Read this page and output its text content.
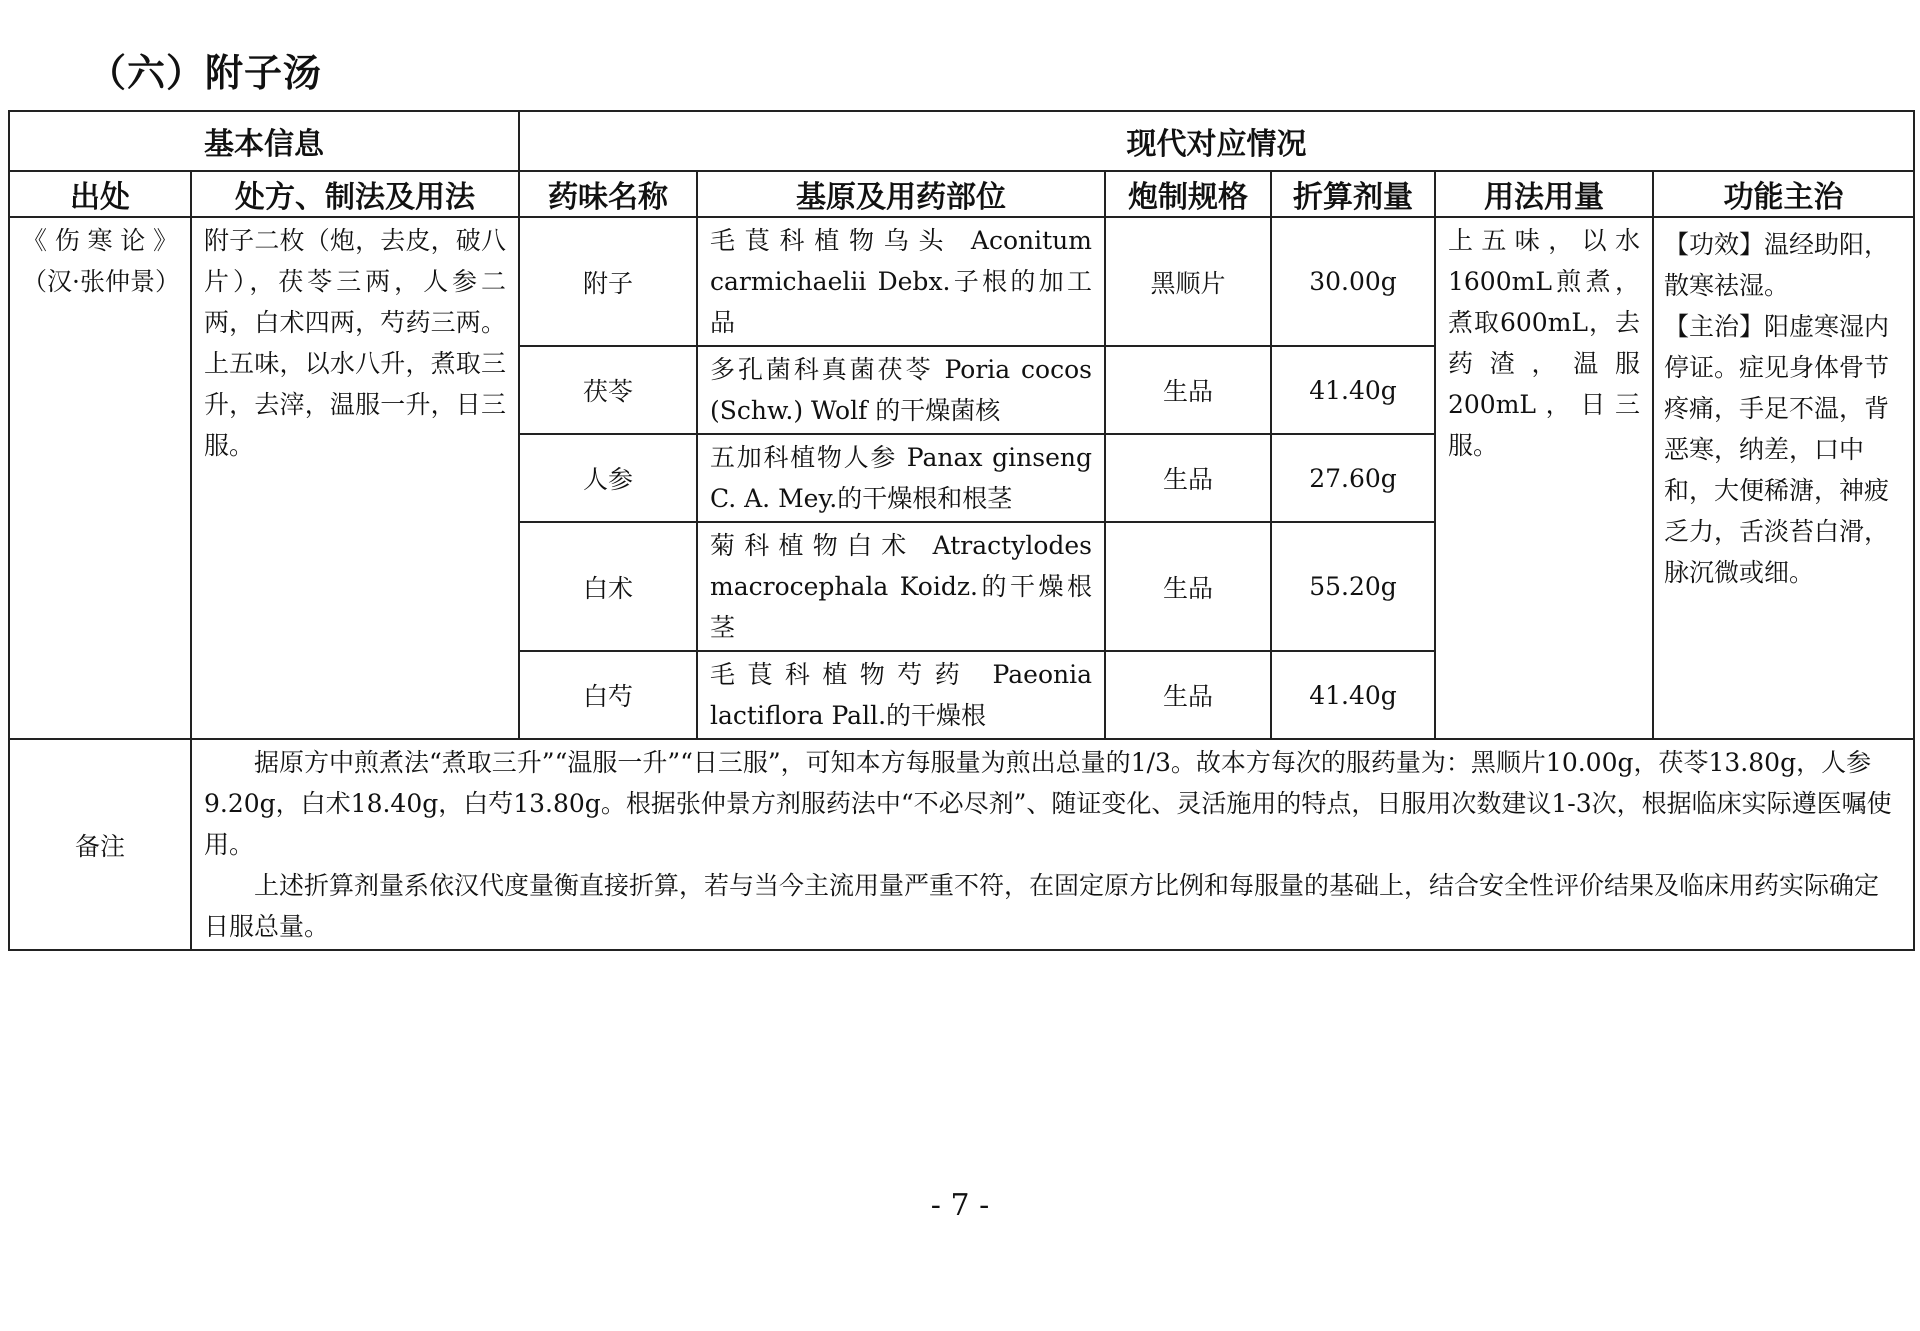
（六）附子汤
基本信息		现代对应情况					
出处	处方、制法及用法	药味名称	基原及用药部位	炮制规格	折算剂量	用法用量	功能主治
《伤寒论》（汉·张仲景）	附子二枚（炮，去皮，破八片），茯苓三两，人参二两，白术四两，芍药三两。上五味，以水八升，煮取三升，去滓，温服一升，日三服。	附子	毛茛科植物乌头 Aconitum carmichaelii Debx.子根的加工品	黑顺片	30.00g	上五味，以水1600mL煎煮，煮取600mL，去药渣，温服200mL，日三服。	【功效】温经助阳，散寒祛湿。
【主治】阳虚寒湿内停证。症见身体骨节疼痛，手足不温，背恶寒，纳差，口中和，大便稀溏，神疲乏力，舌淡苔白滑，脉沉微或细。

		茯苓	多孔菌科真菌茯苓 Poria cocos (Schw.) Wolf 的干燥菌核	生品	41.40g		
		人参	五加科植物人参 Panax ginseng C. A. Mey.的干燥根和根茎	生品	27.60g		
		白术	菊科植物白术 Atractylodes macrocephala Koidz.的干燥根茎	生品	55.20g		
		白芍	毛茛科植物芍药 Paeonia lactiflora Pall.的干燥根	生品	41.40g		
备注	据原方中煎煮法“煮取三升”“温服一升”“日三服”，可知本方每服量为煎出总量的1/3。故本方每次的服药量为：黑顺片10.00g，茯苓13.80g，人参9.20g，白术18.40g，白芍13.80g。根据张仲景方剂服药法中“不必尽剂”、随证变化、灵活施用的特点，日服用次数建议1-3次，根据临床实际遵医嘱使用。

上述折算剂量系依汉代度量衡直接折算，若与当今主流用量严重不符，在固定原方比例和每服量的基础上，结合安全性评价结果及临床用药实际确定日服总量。						

- 7 -
